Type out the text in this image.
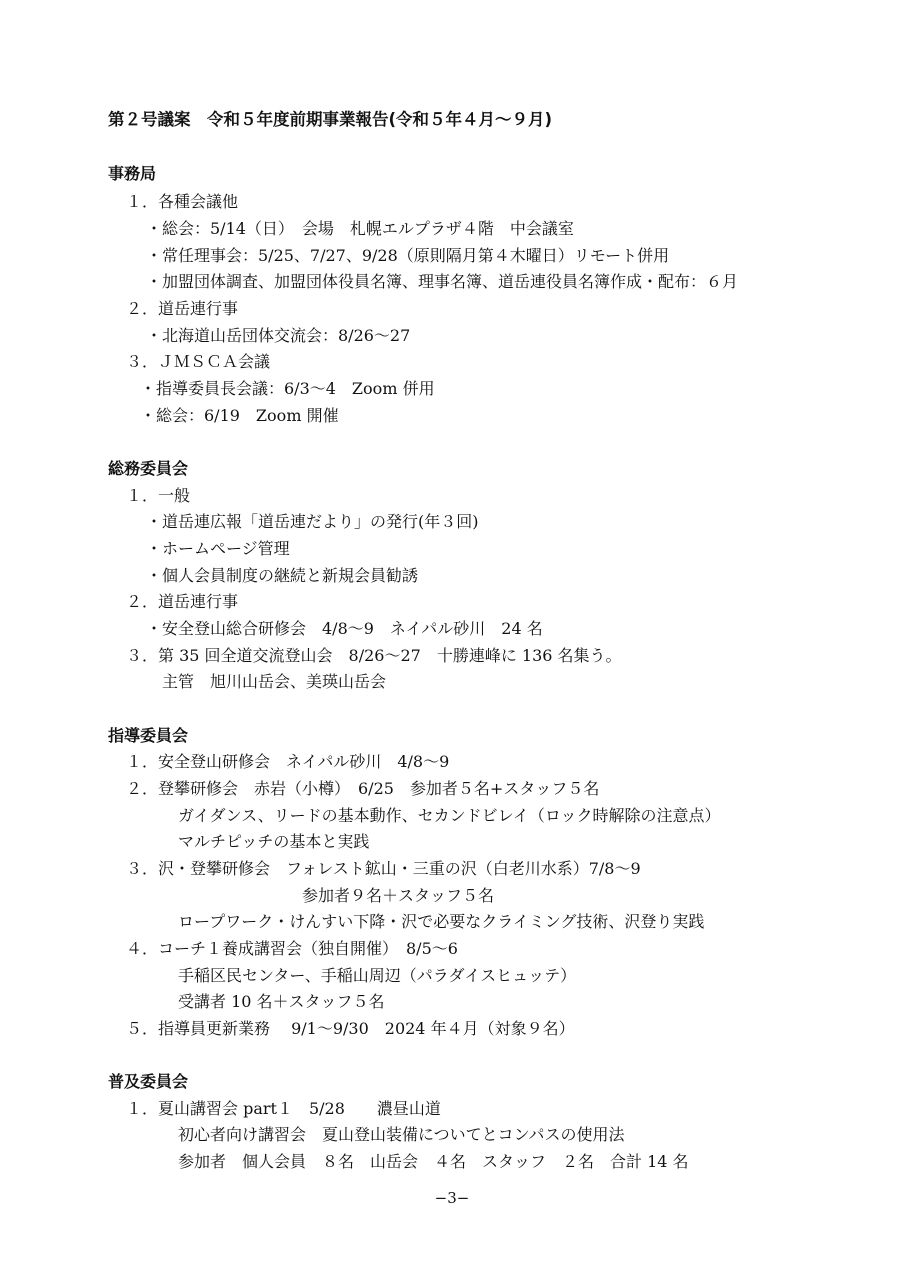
第２号議案　令和５年度前期事業報告(令和５年４月～９月)
事務局
１．各種会議他
・総会：5/14（日）　会場　札幌エルプラザ４階　中会議室
・常任理事会：5/25、7/27、9/28（原則隔月第４木曜日）リモート併用
・加盟団体調査、加盟団体役員名簿、理事名簿、道岳連役員名簿作成・配布：６月
２．道岳連行事
・北海道山岳団体交流会：8/26～27
３．ＪＭＳＣＡ会議
・指導委員長会議：6/3～4　Zoom 併用
・総会：6/19　Zoom 開催
総務委員会
１．一般
・道岳連広報「道岳連だより」の発行(年３回)
・ホームページ管理
・個人会員制度の継続と新規会員勧誘
２．道岳連行事
・安全登山総合研修会　4/8～9　ネイパル砂川　24 名
３．第 35 回全道交流登山会　8/26～27　十勝連峰に 136 名集う。
主管　旭川山岳会、美瑛山岳会
指導委員会
１．安全登山研修会　ネイパル砂川　4/8～9
２．登攀研修会　赤岩（小樽）　6/25　参加者５名+スタッフ５名
ガイダンス、リードの基本動作、セカンドビレイ（ロック時解除の注意点）
マルチピッチの基本と実践
３．沢・登攀研修会　フォレスト鉱山・三重の沢（白老川水系）7/8～9
参加者９名＋スタッフ５名
ロープワーク・けんすい下降・沢で必要なクライミング技術、沢登り実践
４．コーチ１養成講習会（独自開催）　8/5～6
手稲区民センター、手稲山周辺（パラダイスヒュッテ）
受講者 10 名＋スタッフ５名
５．指導員更新業務　 9/1～9/30　2024 年４月（対象９名）
普及委員会
１．夏山講習会 part１　5/28　　濃昼山道
初心者向け講習会　夏山登山装備についてとコンパスの使用法
参加者　個人会員　８名　山岳会　４名　スタッフ　２名　合計 14 名
−3−
